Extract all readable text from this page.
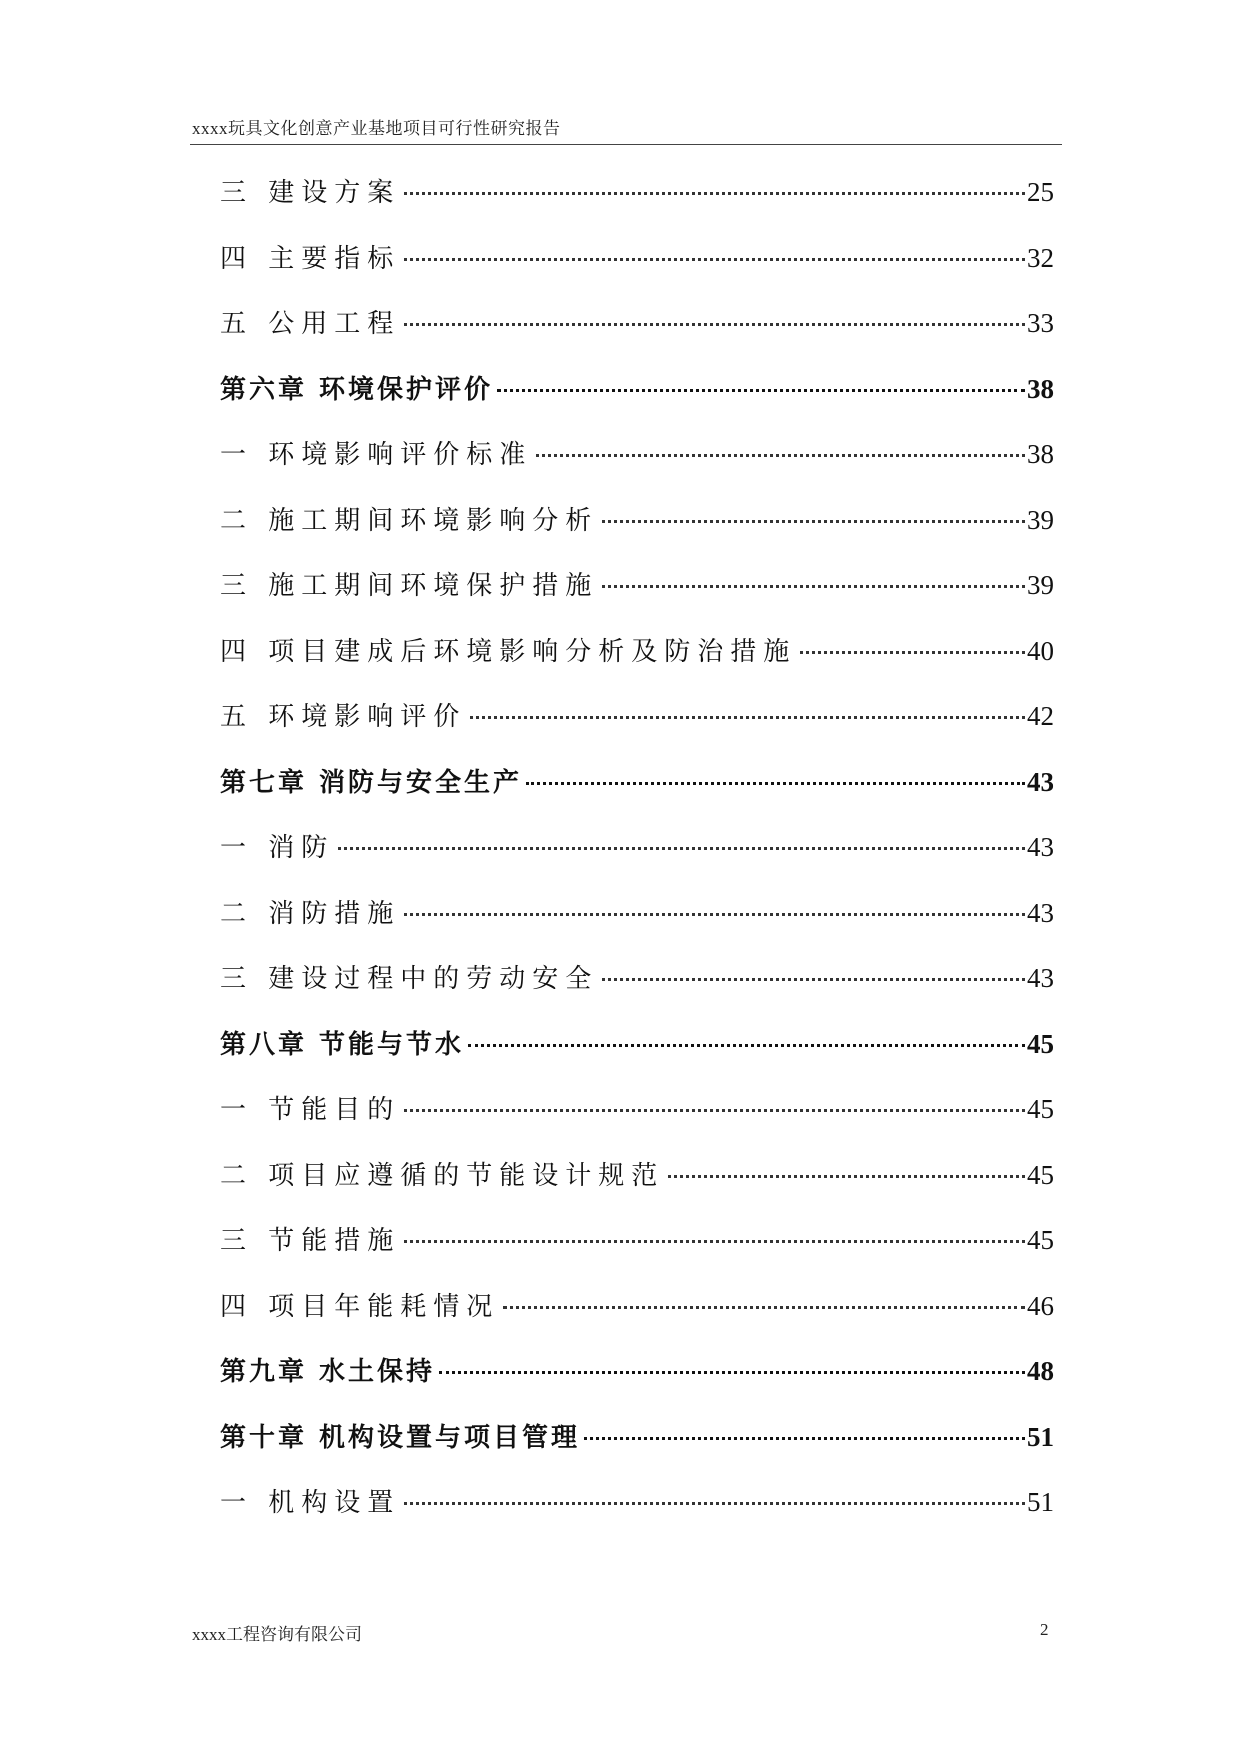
xxxx玩具文化创意产业基地项目可行性研究报告
三 建设方案	25
四 主要指标	32
五 公用工程	33
第六章 环境保护评价	38
一 环境影响评价标准	38
二 施工期间环境影响分析	39
三 施工期间环境保护措施	39
四 项目建成后环境影响分析及防治措施	40
五 环境影响评价	42
第七章 消防与安全生产	43
一 消防	43
二 消防措施	43
三 建设过程中的劳动安全	43
第八章 节能与节水	45
一 节能目的	45
二 项目应遵循的节能设计规范	45
三 节能措施	45
四 项目年能耗情况	46
第九章 水土保持	48
第十章 机构设置与项目管理	51
一 机构设置	51
xxxx工程咨询有限公司	2
